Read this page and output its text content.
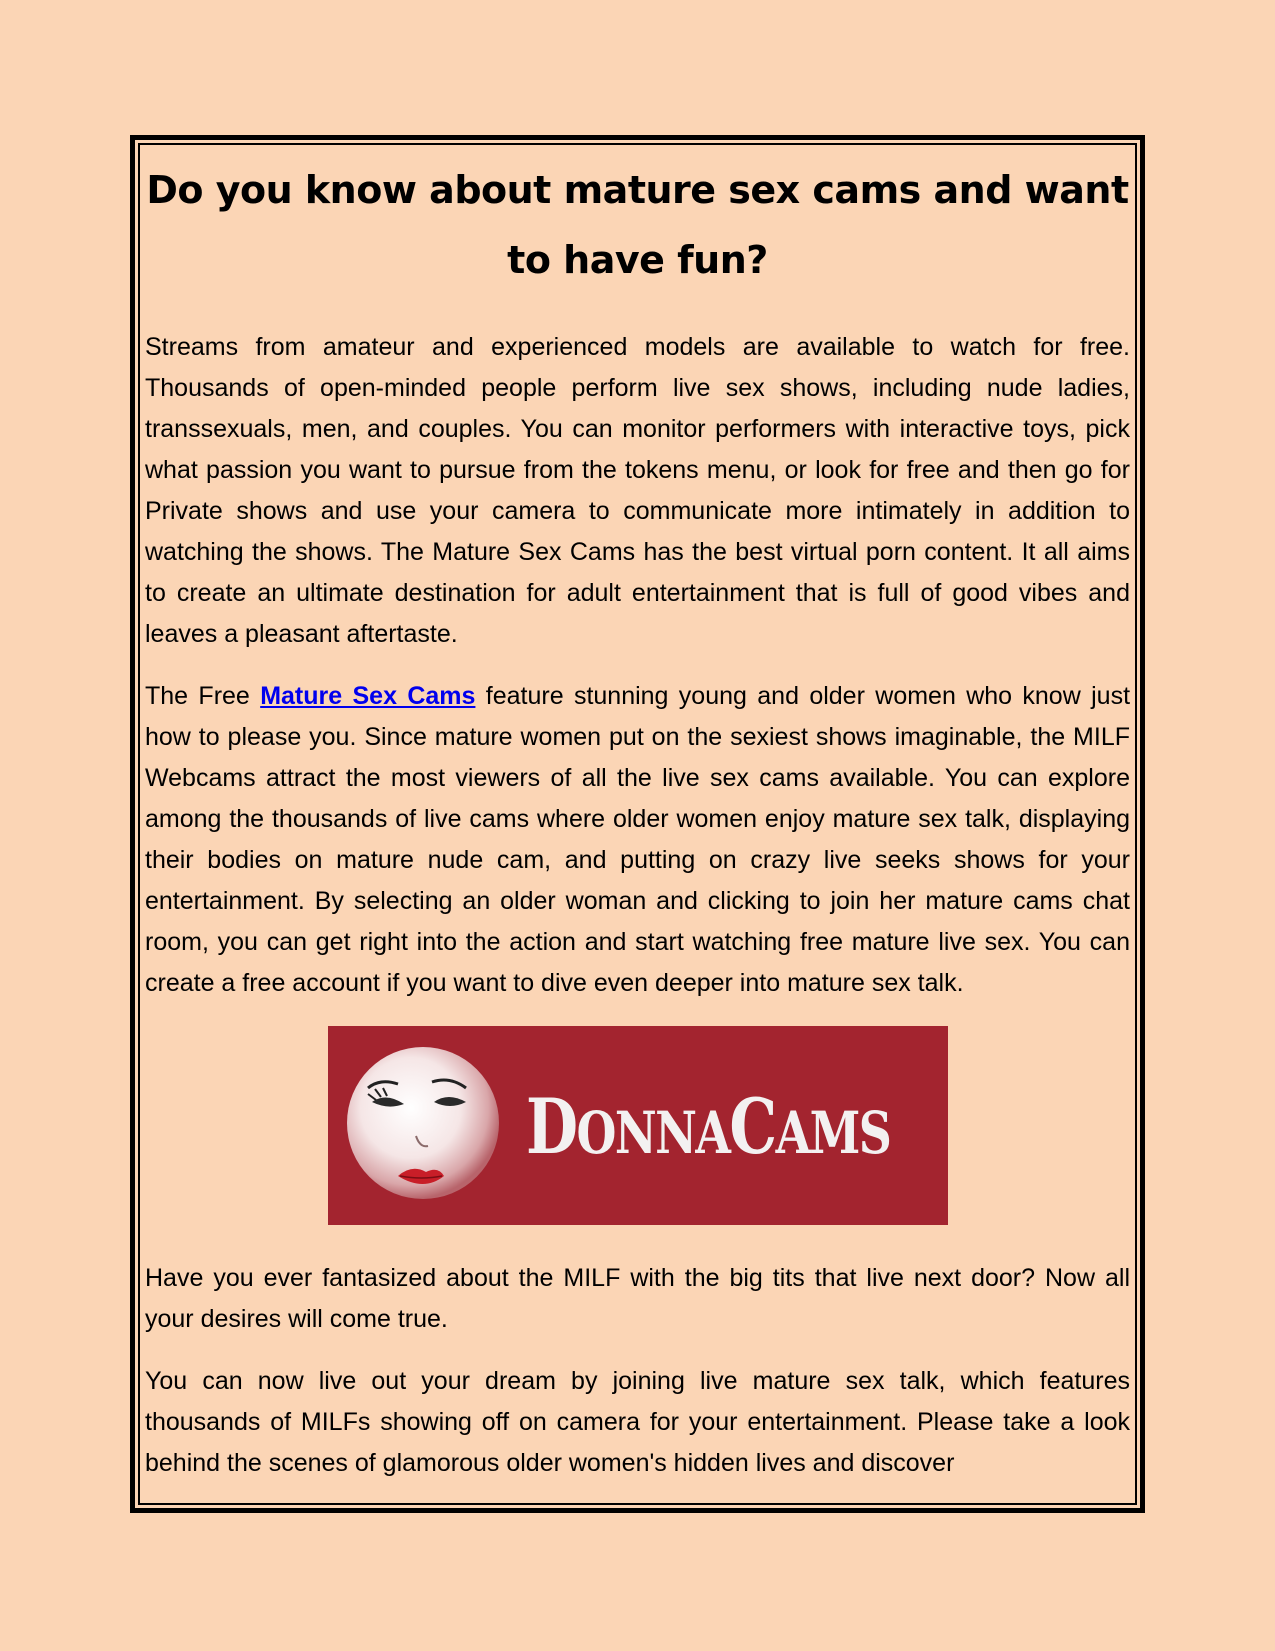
Do you know about mature sex cams and want
to have fun?

Streams from amateur and experienced models are available to watch for free. Thousands of open-minded people perform live sex shows, including nude ladies, transsexuals, men, and couples. You can monitor performers with interactive toys, pick what passion you want to pursue from the tokens menu, or look for free and then go for Private shows and use your camera to communicate more intimately in addition to watching the shows. The Mature Sex Cams has the best virtual porn content. It all aims to create an ultimate destination for adult entertainment that is full of good vibes and leaves a pleasant aftertaste.

The Free Mature Sex Cams feature stunning young and older women who know just how to please you. Since mature women put on the sexiest shows imaginable, the MILF Webcams attract the most viewers of all the live sex cams available. You can explore among the thousands of live cams where older women enjoy mature sex talk, displaying their bodies on mature nude cam, and putting on crazy live seeks shows for your entertainment. By selecting an older woman and clicking to join her mature cams chat room, you can get right into the action and start watching free mature live sex. You can create a free account if you want to dive even deeper into mature sex talk.

DONNACAMS

Have you ever fantasized about the MILF with the big tits that live next door? Now all your desires will come true.

You can now live out your dream by joining live mature sex talk, which features thousands of MILFs showing off on camera for your entertainment. Please take a look behind the scenes of glamorous older women's hidden lives and discover
